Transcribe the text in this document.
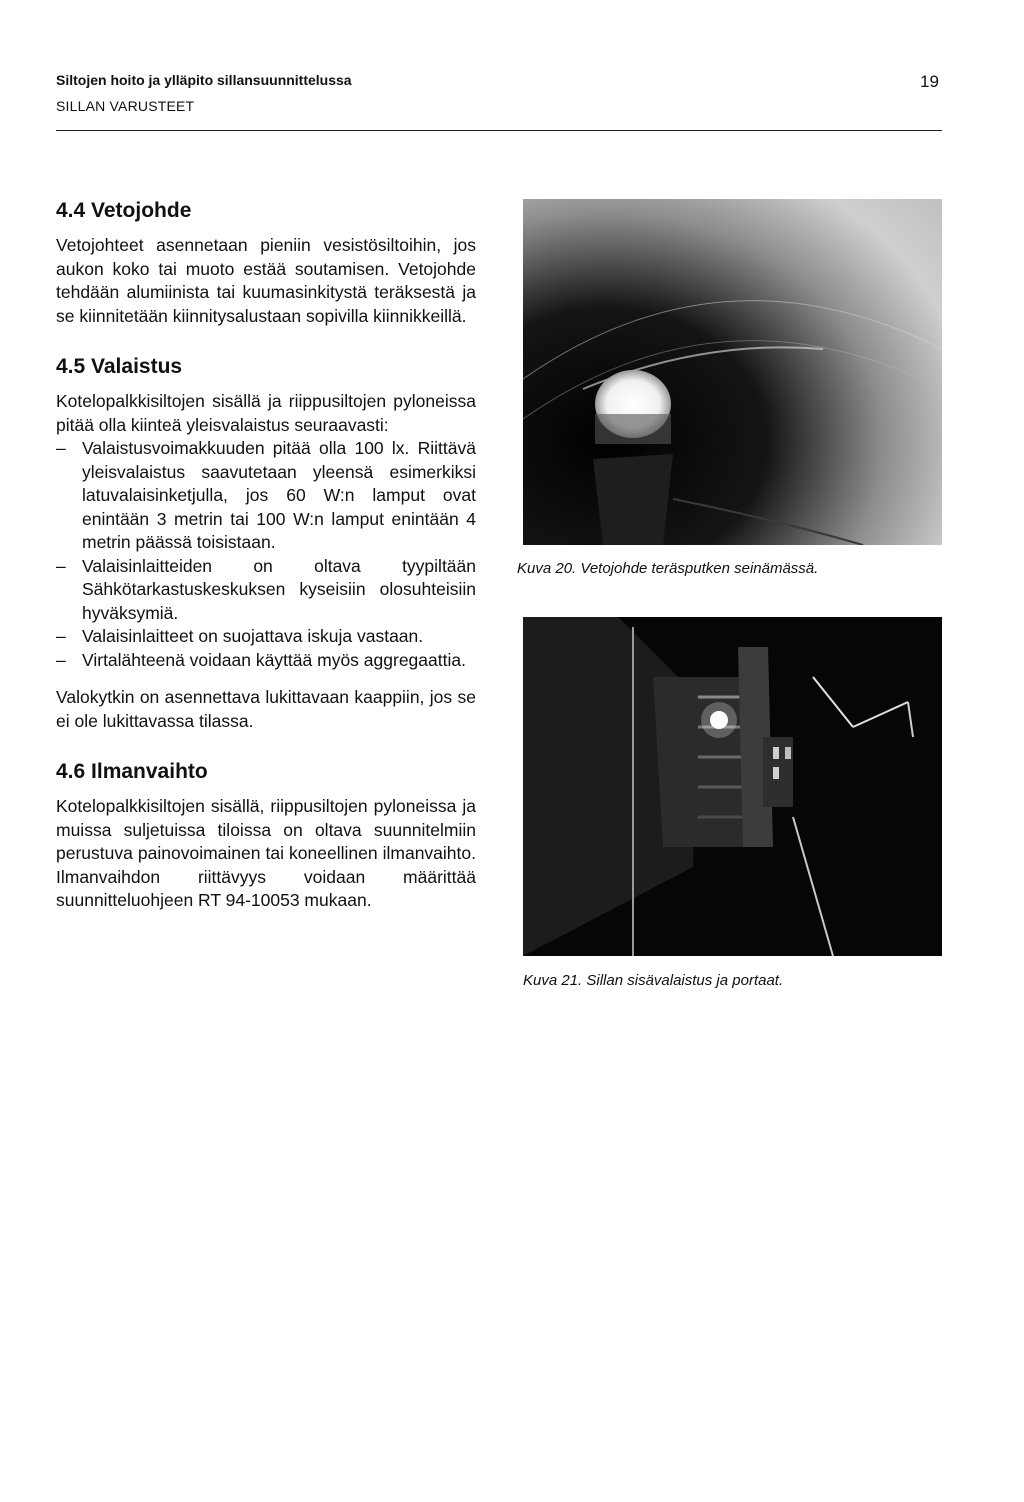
Siltojen hoito ja ylläpito sillansuunnittelussa
SILLAN VARUSTEET
19
4.4 Vetojohde

Vetojohteet asennetaan pieniin vesistösiltoihin, jos aukon koko tai muoto estää soutamisen. Vetojohde tehdään alumiinista tai kuumasinkitystä teräksestä ja se kiinnitetään kiinnitysalustaan sopivilla kiinnikkeillä.

4.5 Valaistus

Kotelopalkkisiltojen sisällä ja riippusiltojen pyloneissa pitää olla kiinteä yleisvalaistus seuraavasti:

– Valaistusvoimakkuuden pitää olla 100 lx. Riittävä yleisvalaistus saavutetaan yleensä esimerkiksi latuvalaisinketjulla, jos 60 W:n lamput ovat enintään 3 metrin tai 100 W:n lamput enintään 4 metrin päässä toisistaan.
– Valaisinlaitteiden on oltava tyypiltään Sähkötarkastuskeskuksen kyseisiin olosuhteisiin hyväksymiä.
– Valaisinlaitteet on suojattava iskuja vastaan.
– Virtalähteenä voidaan käyttää myös aggregaattia.

Valokytkin on asennettava lukittavaan kaappiin, jos se ei ole lukittavassa tilassa.

4.6 Ilmanvaihto

Kotelopalkkisiltojen sisällä, riippusiltojen pyloneissa ja muissa suljetuissa tiloissa on oltava suunnitelmiin perustuva painovoimainen tai koneellinen ilmanvaihto. Ilmanvaihdon riittävyys voidaan määrittää suunnitteluohjeen RT 94-10053 mukaan.

Kuva 20. Vetojohde teräsputken seinämässä.
Kuva 21. Sillan sisävalaistus ja portaat.
